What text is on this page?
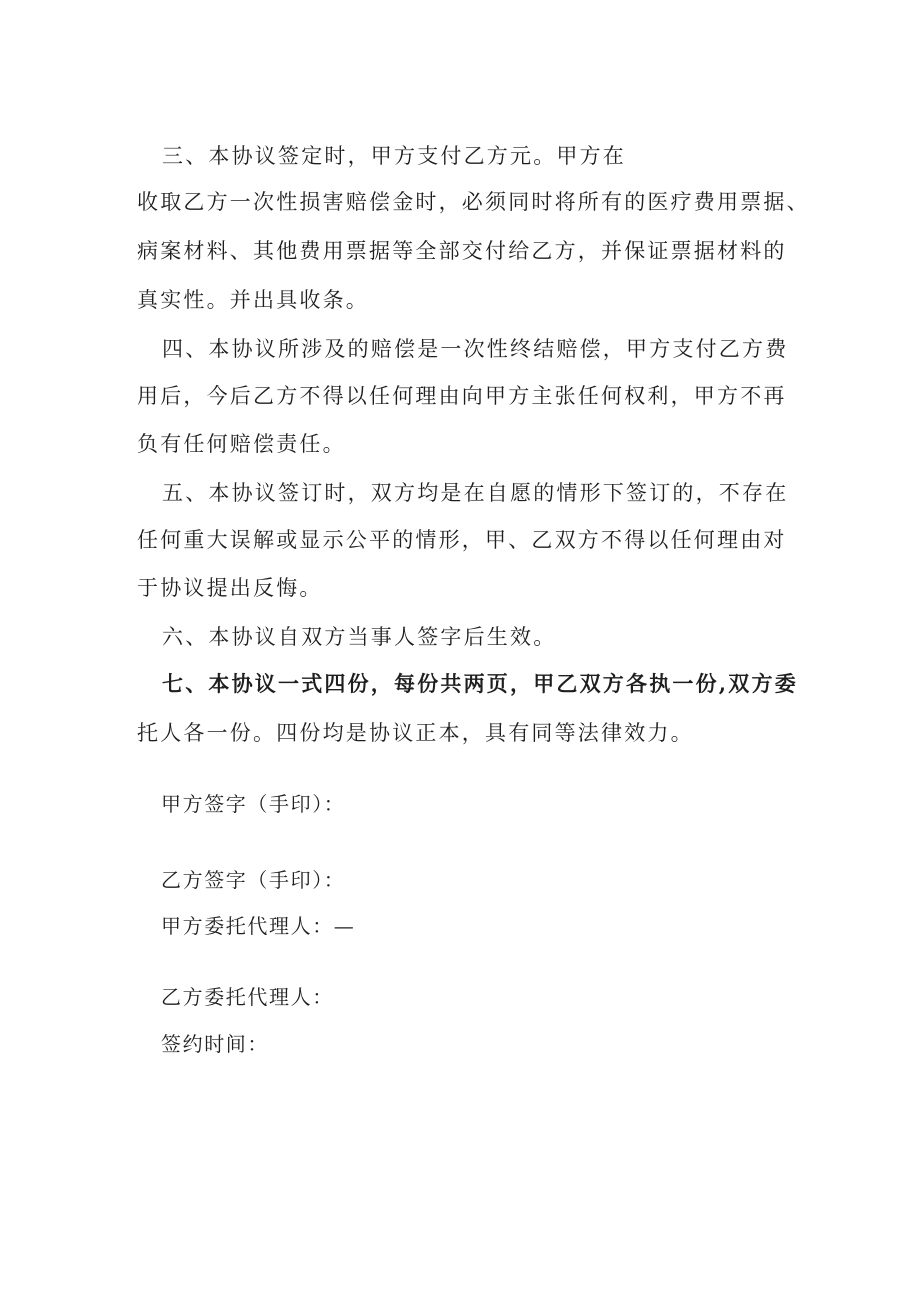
三、本协议签定时，甲方支付乙方元。甲方在
收取乙方一次性损害赔偿金时，必须同时将所有的医疗费用票据、
病案材料、其他费用票据等全部交付给乙方，并保证票据材料的
真实性。并出具收条。
四、本协议所涉及的赔偿是一次性终结赔偿，甲方支付乙方费
用后，今后乙方不得以任何理由向甲方主张任何权利，甲方不再
负有任何赔偿责任。
五、本协议签订时，双方均是在自愿的情形下签订的，不存在
任何重大误解或显示公平的情形，甲、乙双方不得以任何理由对
于协议提出反悔。
六、本协议自双方当事人签字后生效。
七、本协议一式四份，每份共两页，甲乙双方各执一份,双方委
托人各一份。四份均是协议正本，具有同等法律效力。
甲方签字（手印）：
乙方签字（手印）：
甲方委托代理人：—
乙方委托代理人：
签约时间：
